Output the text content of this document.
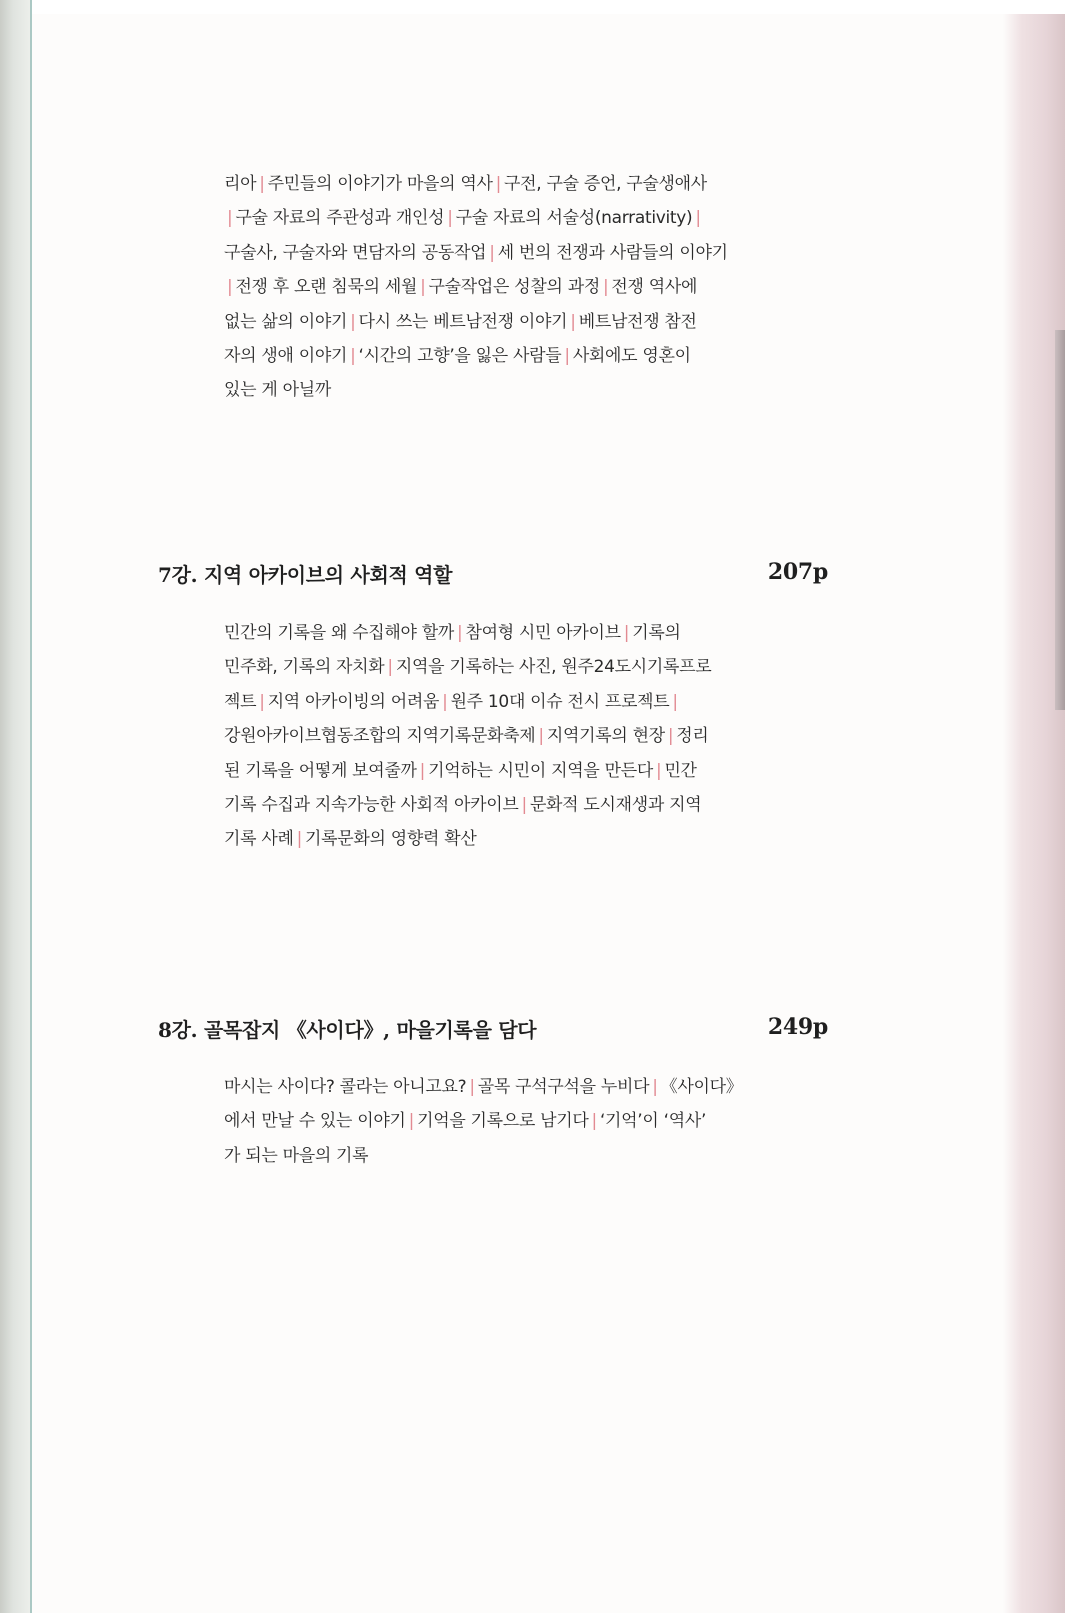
리아 | 주민들의 이야기가 마을의 역사 | 구전, 구술 증언, 구술생애사
| 구술 자료의 주관성과 개인성 | 구술 자료의 서술성(narrativity) |
구술사, 구술자와 면담자의 공동작업 | 세 번의 전쟁과 사람들의 이야기
| 전쟁 후 오랜 침묵의 세월 | 구술작업은 성찰의 과정 | 전쟁 역사에
없는 삶의 이야기 | 다시 쓰는 베트남전쟁 이야기 | 베트남전쟁 참전
자의 생애 이야기 | ‘시간의 고향’을 잃은 사람들 | 사회에도 영혼이
있는 게 아닐까
7강. 지역 아카이브의 사회적 역할	207p
민간의 기록을 왜 수집해야 할까 | 참여형 시민 아카이브 | 기록의
민주화, 기록의 자치화 | 지역을 기록하는 사진, 원주24도시기록프로
젝트 | 지역 아카이빙의 어려움 | 원주 10대 이슈 전시 프로젝트 |
강원아카이브협동조합의 지역기록문화축제 | 지역기록의 현장 | 정리
된 기록을 어떻게 보여줄까 | 기억하는 시민이 지역을 만든다 | 민간
기록 수집과 지속가능한 사회적 아카이브 | 문화적 도시재생과 지역
기록 사례 | 기록문화의 영향력 확산
8강. 골목잡지 《사이다》, 마을기록을 담다	249p
마시는 사이다? 콜라는 아니고요? | 골목 구석구석을 누비다 | 《사이다》
에서 만날 수 있는 이야기 | 기억을 기록으로 남기다 | ‘기억’이 ‘역사’
가 되는 마을의 기록
